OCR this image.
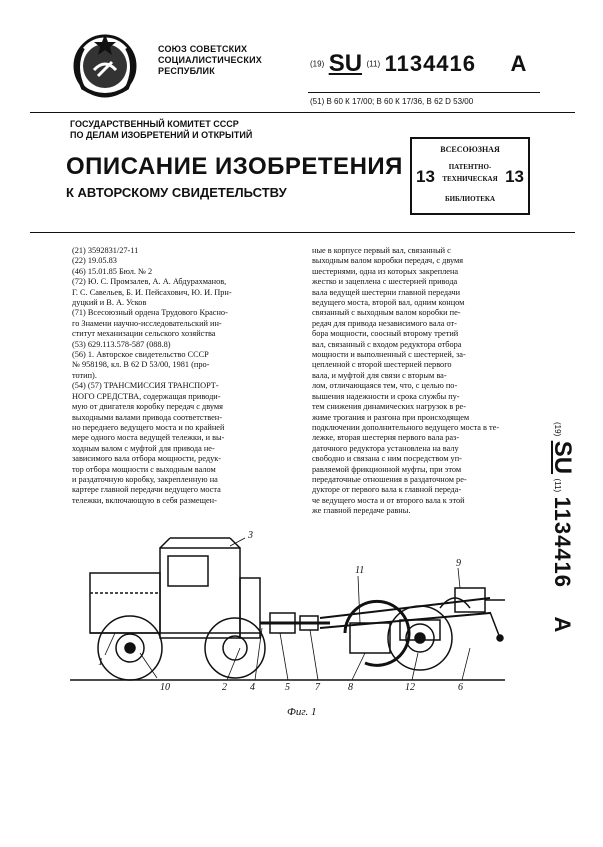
СОЮЗ СОВЕТСКИХ
СОЦИАЛИСТИЧЕСКИХ
РЕСПУБЛИК
(19) SU (11) 1134416 A
(51) В 60 К 17/00; В 60 К 17/36, В 62 D 53/00
ГОСУДАРСТВЕННЫЙ КОМИТЕТ СССР
ПО ДЕЛАМ ИЗОБРЕТЕНИЙ И ОТКРЫТИЙ
ОПИСАНИЕ ИЗОБРЕТЕНИЯ
К АВТОРСКОМУ СВИДЕТЕЛЬСТВУ
ВСЕСОЮЗНАЯ
ПАТЕНТНО-
ТЕХНИЧЕСКАЯ
БИБЛИОТЕКА
13	13
(21) 3592831/27-11
(22) 19.05.83
(46) 15.01.85 Бюл. № 2
(72) Ю. С. Промзалев, А. А. Абдурахманов,
Г. С. Савельев, Б. И. Пейсахович, Ю. И. Прн-
дуцкий и В. А. Усков
(71) Всесоюзный ордена Трудового Красно-
го Знамени научно-исследовательский ин-
ститут механизации сельского хозяйства
(53) 629.113.578-587 (088.8)
(56) 1. Авторское свидетельство СССР
№ 958198, кл. В 62 D 53/00, 1981 (про-
тотип).
(54) (57) ТРАНСМИССИЯ ТРАНСПОРТ-
НОГО СРЕДСТВА, содержащая приводи-
мую от двигателя коробку передач с двумя
выходными валами привода соответствен-
но переднего ведущего моста и по крайней
мере одного моста ведущей тележки, и вы-
ходным валом с муфтой для привода не-
зависимого вала отбора мощности, редук-
тор отбора мощности с выходным валом
и раздаточную коробку, закрепленную на
картере главной передачи ведущего моста
тележки, включающую в себя размещен-
ные в корпусе первый вал, связанный с
выходным валом коробки передач, с двумя
шестернями, одна из которых закреплена
жестко и зацеплена с шестерней привода
вала ведущей шестерни главной передачи
ведущего моста, второй вал, одним концом
связанный с выходным валом коробки пе-
редач для привода независимого вала от-
бора мощности, соосный второму третий
вал, связанный с входом редуктора отбора
мощности и выполненный с шестерней, за-
цепленной с второй шестерней первого
вала, и муфтой для связи с вторым ва-
лом, отличающаяся тем, что, с целью по-
вышения надежности и срока службы пу-
тем снижения динамических нагрузок в ре-
жиме трогания и разгона при происходящем
подключении дополнительного ведущего моста в те-
лежке, вторая шестерня первого вала раз-
даточного редуктора установлена на валу
свободно и связана с ним посредством уп-
равляемой фрикционной муфты, при этом
передаточные отношения в раздаточном ре-
дукторе от первого вала к главной переда-
че ведущего моста и от второго вала к этой
же главной передаче равны.
(19) SU (11) 1134416 A
1
3
10	2 4	5	7
11
8	12
9
6
Фиг. 1
